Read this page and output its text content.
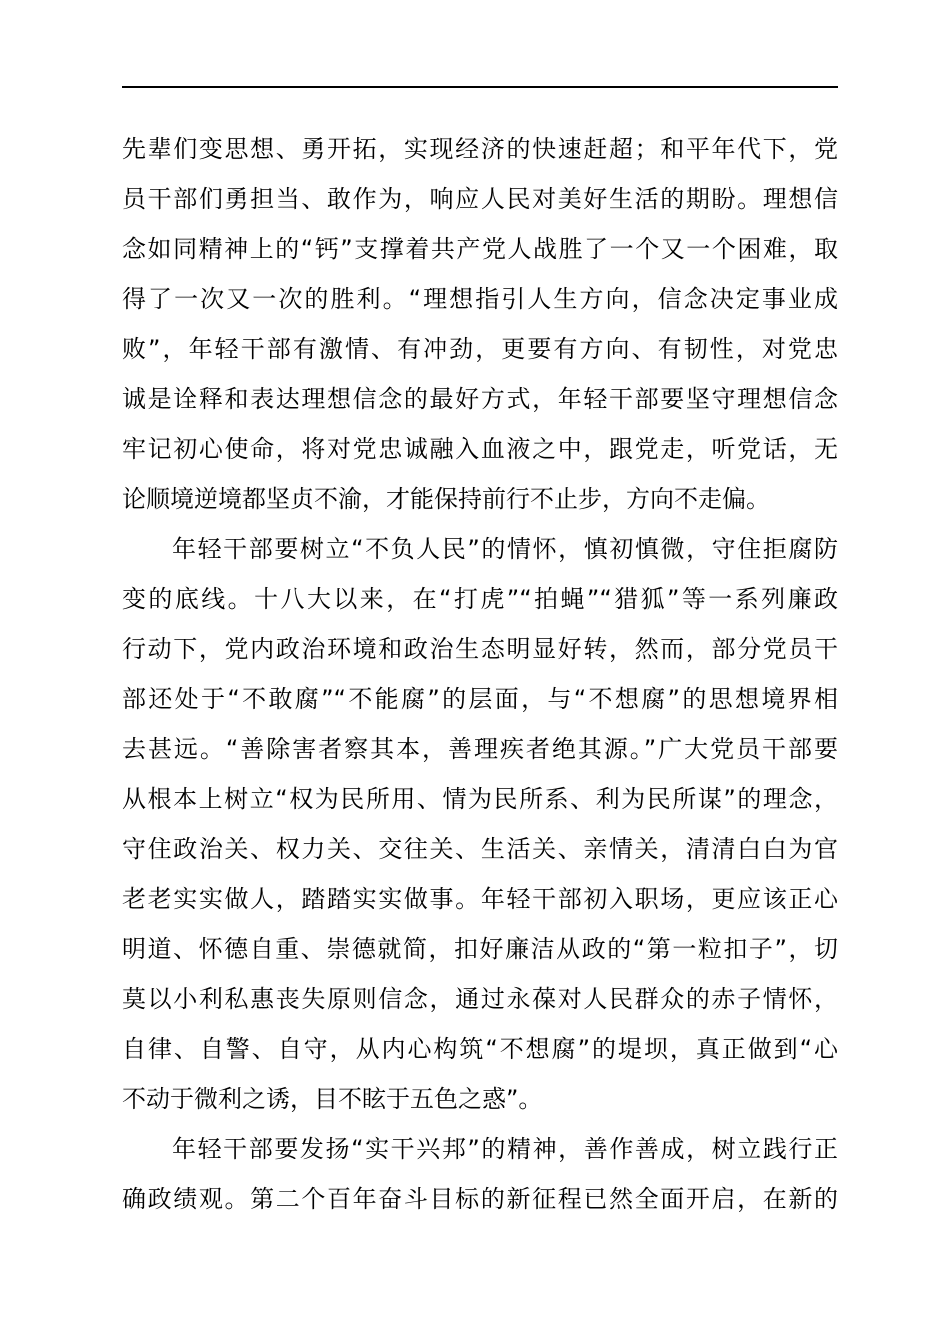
先辈们变思想、勇开拓，实现经济的快速赶超；和平年代下，党
员干部们勇担当、敢作为，响应人民对美好生活的期盼。理想信
念如同精神上的“钙”支撑着共产党人战胜了一个又一个困难，取
得了一次又一次的胜利。“理想指引人生方向，信念决定事业成
败”，年轻干部有激情、有冲劲，更要有方向、有韧性，对党忠
诚是诠释和表达理想信念的最好方式，年轻干部要坚守理想信念
牢记初心使命，将对党忠诚融入血液之中，跟党走，听党话，无
论顺境逆境都坚贞不渝，才能保持前行不止步，方向不走偏。
年轻干部要树立“不负人民”的情怀，慎初慎微，守住拒腐防
变的底线。十八大以来，在“打虎”“拍蝇”“猎狐”等一系列廉政
行动下，党内政治环境和政治生态明显好转，然而，部分党员干
部还处于“不敢腐”“不能腐”的层面，与“不想腐”的思想境界相
去甚远。“善除害者察其本，善理疾者绝其源。”广大党员干部要
从根本上树立“权为民所用、情为民所系、利为民所谋”的理念，
守住政治关、权力关、交往关、生活关、亲情关，清清白白为官
老老实实做人，踏踏实实做事。年轻干部初入职场，更应该正心
明道、怀德自重、崇德就简，扣好廉洁从政的“第一粒扣子”，切
莫以小利私惠丧失原则信念，通过永葆对人民群众的赤子情怀，
自律、自警、自守，从内心构筑“不想腐”的堤坝，真正做到“心
不动于微利之诱，目不眩于五色之惑”。
年轻干部要发扬“实干兴邦”的精神，善作善成，树立践行正
确政绩观。第二个百年奋斗目标的新征程已然全面开启，在新的
